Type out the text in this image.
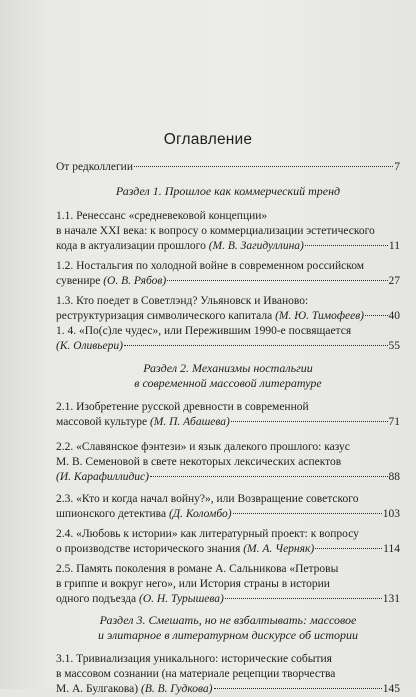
Оглавление
От редколлегии	7
Раздел 1. Прошлое как коммерческий тренд
1.1. Ренессанс «средневековой концепции»
в начале XXI века: к вопросу о коммерциализации эстетического
кода в актуализации прошлого (М. В. Загидуллина)	11
1.2. Ностальгия по холодной войне в современном российском
сувенире (О. В. Рябов)	27
1.3. Кто поедет в Советлэнд? Ульяновск и Иваново:
реструктуризация символического капитала (М. Ю. Тимофеев) 40
1. 4. «По(с)ле чудес», или Пережившим 1990-е посвящается
(К. Оливьери)	55
Раздел 2. Механизмы ностальгии
в современной массовой литературе
2.1. Изобретение русской древности в современной
массовой культуре (М. П. Абашева)	71
2.2. «Славянское фэнтези» и язык далекого прошлого: казус
М. В. Семеновой в свете некоторых лексических аспектов
(И. Карафиллидис)	88
2.3. «Кто и когда начал войну?», или Возвращение советского
шпионского детектива (Д. Коломбо)	103
2.4. «Любовь к истории» как литературный проект: к вопросу
о производстве исторического знания (М. А. Черняк)	114
2.5. Память поколения в романе А. Сальникова «Петровы
в гриппе и вокруг него», или История страны в истории
одного подъезда (О. Н. Турышева)	131
Раздел 3. Смешать, но не взбалтывать: массовое
и элитарное в литературном дискурсе об истории
3.1. Тривиализация уникального: исторические события
в массовом сознании (на материале рецепции творчества
М. А. Булгакова) (В. В. Гудкова)	145
